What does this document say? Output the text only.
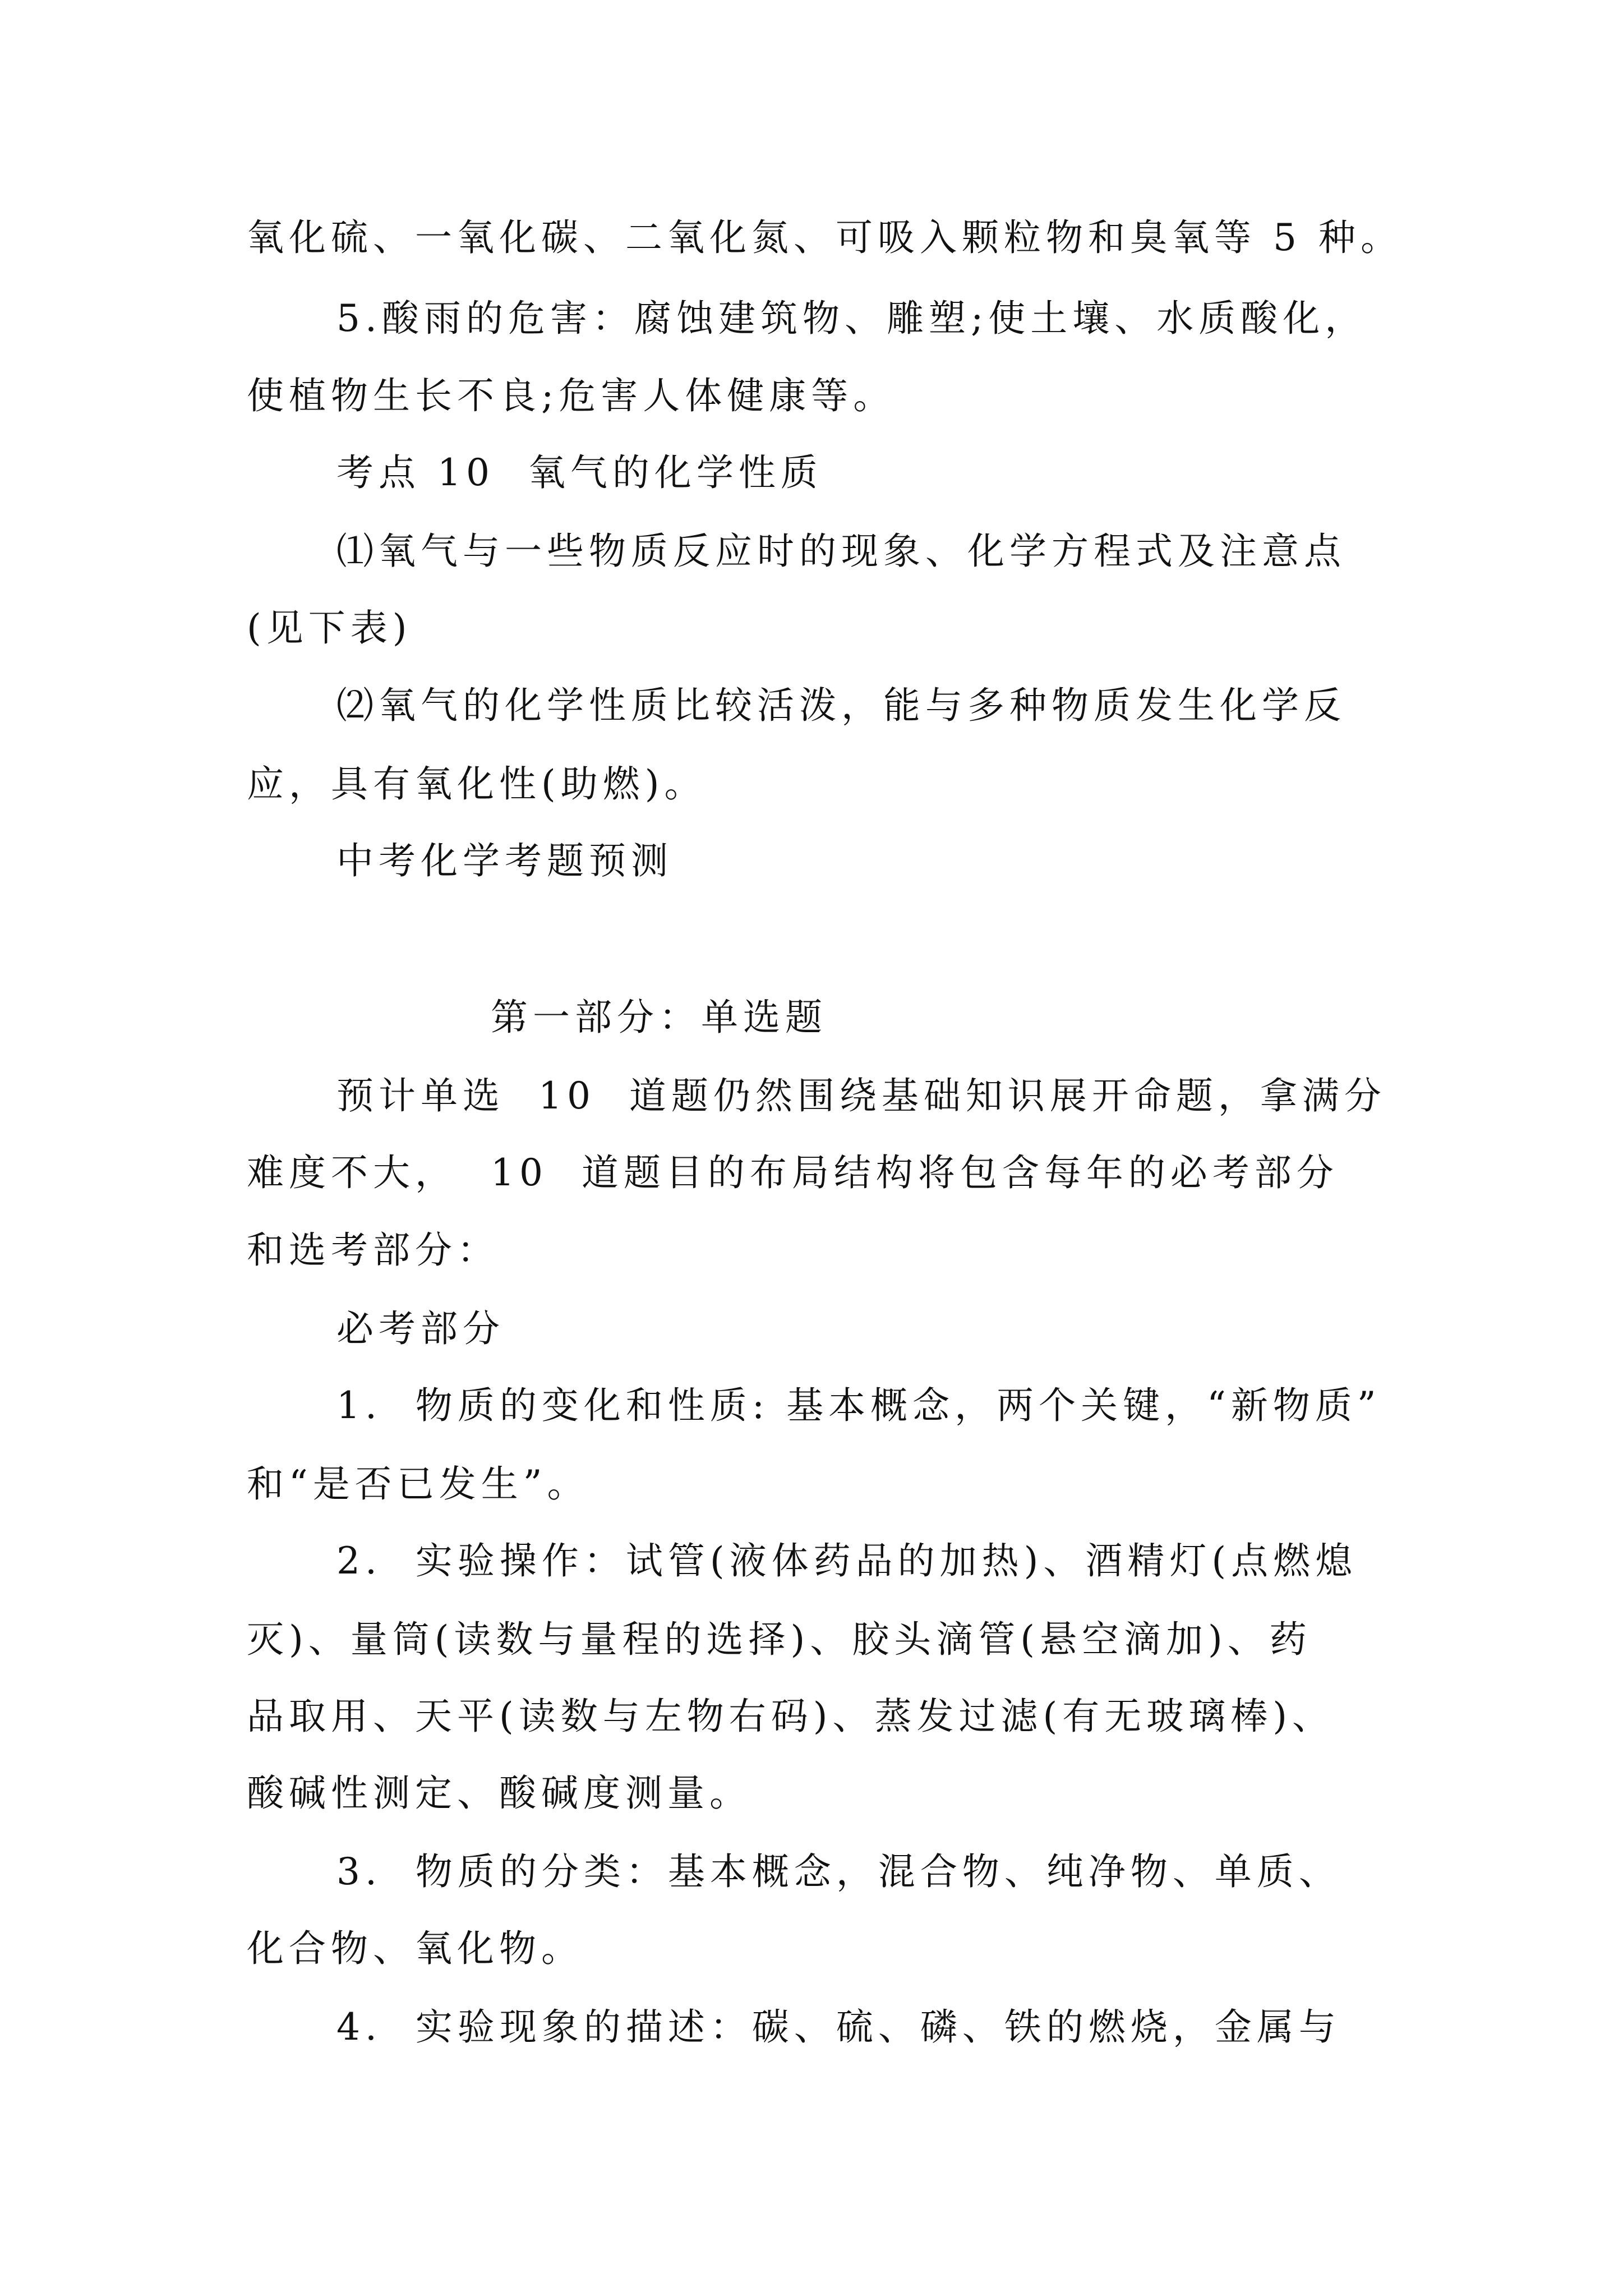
氧化硫、一氧化碳、二氧化氮、可吸入颗粒物和臭氧等 5 种。
5.酸雨的危害：腐蚀建筑物、雕塑;使土壤、水质酸化，
使植物生长不良;危害人体健康等。
考点 10  氧气的化学性质
⑴氧气与一些物质反应时的现象、化学方程式及注意点
(见下表)
⑵氧气的化学性质比较活泼，能与多种物质发生化学反
应，具有氧化性(助燃)。
中考化学考题预测
第一部分：单选题
预计单选  10  道题仍然围绕基础知识展开命题，拿满分
难度不大，  10  道题目的布局结构将包含每年的必考部分
和选考部分：
必考部分
1.  物质的变化和性质: 基本概念，两个关键，“新物质”
和“是否已发生”。
2.  实验操作：试管(液体药品的加热)、酒精灯(点燃熄
灭)、量筒(读数与量程的选择)、胶头滴管(悬空滴加)、药
品取用、天平(读数与左物右码)、蒸发过滤(有无玻璃棒)、
酸碱性测定、酸碱度测量。
3.  物质的分类：基本概念，混合物、纯净物、单质、
化合物、氧化物。
4.  实验现象的描述：碳、硫、磷、铁的燃烧，金属与
